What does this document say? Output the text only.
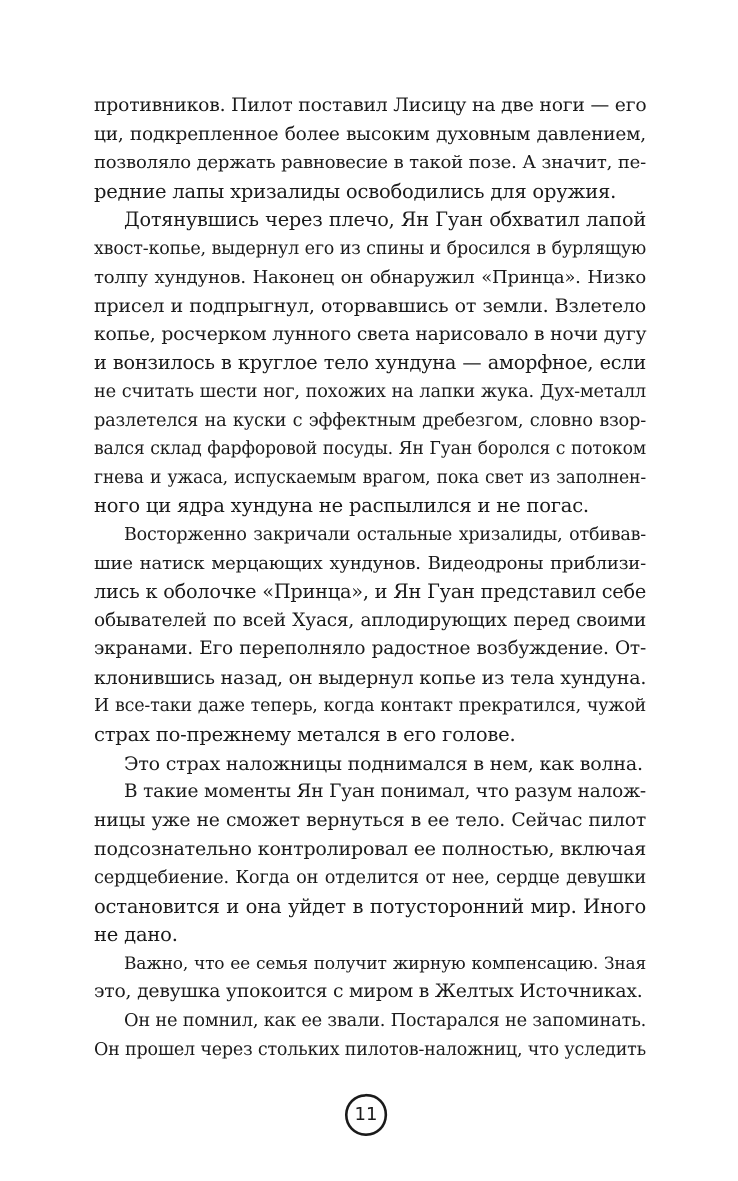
противников. Пилот поставил Лисицу на две ноги — его
ци, подкрепленное более высоким духовным давлением,
позволяло держать равновесие в такой позе. А значит, пе-
редние лапы хризалиды освободились для оружия.
Дотянувшись через плечо, Ян Гуан обхватил лапой
хвост-копье, выдернул его из спины и бросился в бурлящую
толпу хундунов. Наконец он обнаружил «Принца». Низко
присел и подпрыгнул, оторвавшись от земли. Взлетело
копье, росчерком лунного света нарисовало в ночи дугу
и вонзилось в круглое тело хундуна — аморфное, если
не считать шести ног, похожих на лапки жука. Дух-металл
разлетелся на куски с эффектным дребезгом, словно взор-
вался склад фарфоровой посуды. Ян Гуан боролся с потоком
гнева и ужаса, испускаемым врагом, пока свет из заполнен-
ного ци ядра хундуна не распылился и не погас.
Восторженно закричали остальные хризалиды, отбивав-
шие натиск мерцающих хундунов. Видеодроны приблизи-
лись к оболочке «Принца», и Ян Гуан представил себе
обывателей по всей Хуася, аплодирующих перед своими
экранами. Его переполняло радостное возбуждение. От-
клонившись назад, он выдернул копье из тела хундуна.
И все-таки даже теперь, когда контакт прекратился, чужой
страх по-прежнему метался в его голове.
Это страх наложницы поднимался в нем, как волна.
В такие моменты Ян Гуан понимал, что разум налож-
ницы уже не сможет вернуться в ее тело. Сейчас пилот
подсознательно контролировал ее полностью, включая
сердцебиение. Когда он отделится от нее, сердце девушки
остановится и она уйдет в потусторонний мир. Иного
не дано.
Важно, что ее семья получит жирную компенсацию. Зная
это, девушка упокоится с миром в Желтых Источниках.
Он не помнил, как ее звали. Постарался не запоминать.
Он прошел через стольких пилотов-наложниц, что уследить
11
